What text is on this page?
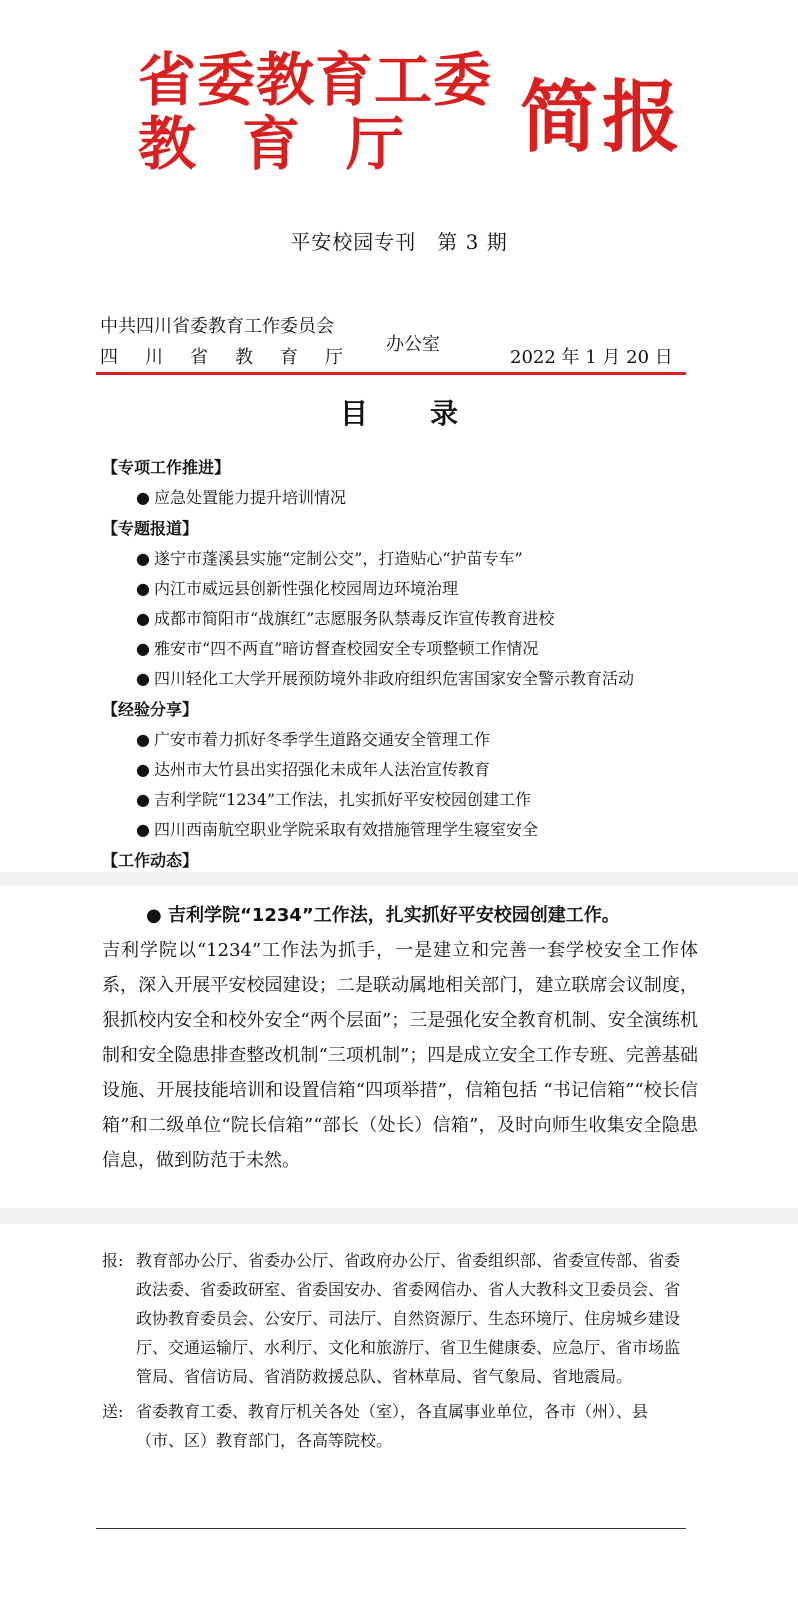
省委教育工委
教育厅 简报
平安校园专刊　第 3 期
中共四川省委教育工作委员会
四川省教育厅
办公室
2022 年 1 月 20 日
目录
【专项工作推进】
● 应急处置能力提升培训情况
【专题报道】
● 遂宁市蓬溪县实施“定制公交”，打造贴心“护苗专车”
● 内江市威远县创新性强化校园周边环境治理
● 成都市简阳市“战旗红”志愿服务队禁毒反诈宣传教育进校
● 雅安市“四不两直”暗访督查校园安全专项整顿工作情况
● 四川轻化工大学开展预防境外非政府组织危害国家安全警示教育活动
【经验分享】
● 广安市着力抓好冬季学生道路交通安全管理工作
● 达州市大竹县出实招强化未成年人法治宣传教育
● 吉利学院“1234”工作法，扎实抓好平安校园创建工作
● 四川西南航空职业学院采取有效措施管理学生寝室安全
【工作动态】
● 吉利学院“1234”工作法，扎实抓好平安校园创建工作。
吉利学院以“1234”工作法为抓手，一是建立和完善一套学校安全工作体系，深入开展平安校园建设；二是联动属地相关部门，建立联席会议制度，狠抓校内安全和校外安全“两个层面”；三是强化安全教育机制、安全演练机制和安全隐患排查整改机制“三项机制”；四是成立安全工作专班、完善基础设施、开展技能培训和设置信箱“四项举措”，信箱包括 “书记信箱”“校长信箱”和二级单位“院长信箱”“部长（处长）信箱”，及时向师生收集安全隐患信息，做到防范于未然。
报: 教育部办公厅、省委办公厅、省政府办公厅、省委组织部、省委宣传部、省委政法委、省委政研室、省委国安办、省委网信办、省人大教科文卫委员会、省政协教育委员会、公安厅、司法厅、自然资源厅、生态环境厅、住房城乡建设厅、交通运输厅、水利厅、文化和旅游厅、省卫生健康委、应急厅、省市场监管局、省信访局、省消防救援总队、省林草局、省气象局、省地震局。
送: 省委教育工委、教育厅机关各处（室），各直属事业单位，各市（州）、县（市、区）教育部门，各高等院校。
